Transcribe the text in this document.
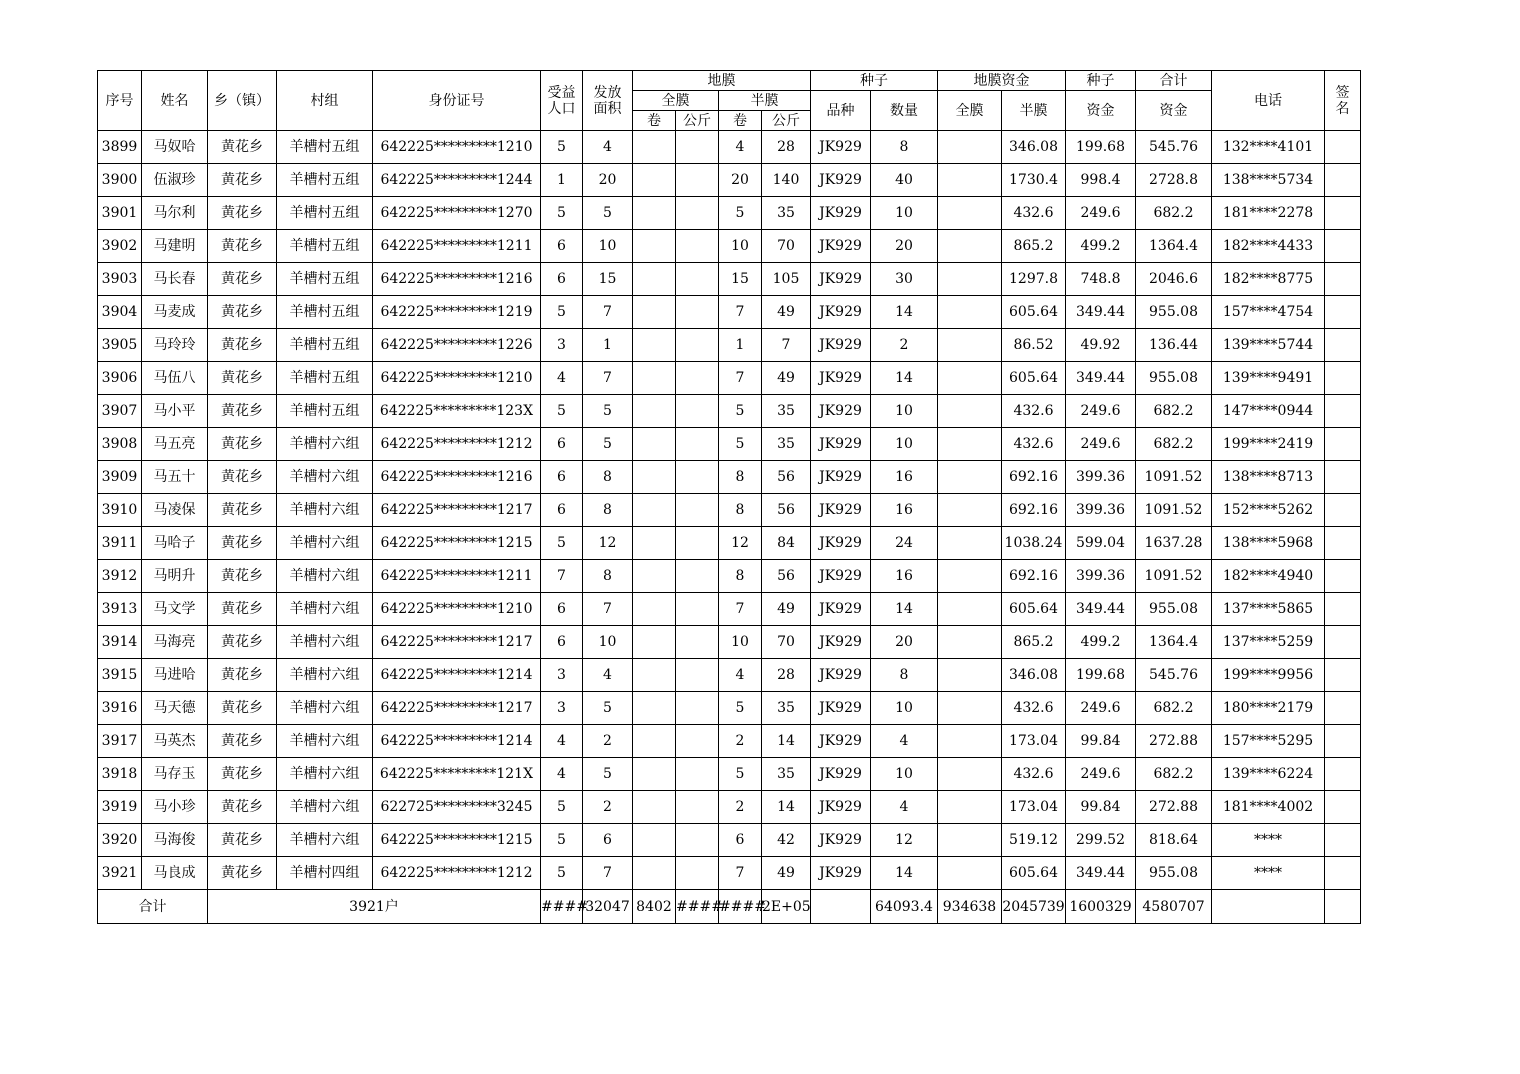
序号	姓名	乡（镇）	村组	身份证号	受益
人口	发放
面积	地膜				种子		地膜资金		种子	合计	电话	签
名
							全膜		半膜		品种	数量	全膜	半膜	资金	资金		
							卷	公斤	卷	公斤								
3899	马奴哈	黄花乡	羊槽村五组	642225*********1210	5	4			4	28	JK929	8		346.08	199.68	545.76	132****4101	
3900	伍淑珍	黄花乡	羊槽村五组	642225*********1244	1	20			20	140	JK929	40		1730.4	998.4	2728.8	138****5734	
3901	马尔利	黄花乡	羊槽村五组	642225*********1270	5	5			5	35	JK929	10		432.6	249.6	682.2	181****2278	
3902	马建明	黄花乡	羊槽村五组	642225*********1211	6	10			10	70	JK929	20		865.2	499.2	1364.4	182****4433	
3903	马长春	黄花乡	羊槽村五组	642225*********1216	6	15			15	105	JK929	30		1297.8	748.8	2046.6	182****8775	
3904	马麦成	黄花乡	羊槽村五组	642225*********1219	5	7			7	49	JK929	14		605.64	349.44	955.08	157****4754	
3905	马玲玲	黄花乡	羊槽村五组	642225*********1226	3	1			1	7	JK929	2		86.52	49.92	136.44	139****5744	
3906	马伍八	黄花乡	羊槽村五组	642225*********1210	4	7			7	49	JK929	14		605.64	349.44	955.08	139****9491	
3907	马小平	黄花乡	羊槽村五组	642225*********123X	5	5			5	35	JK929	10		432.6	249.6	682.2	147****0944	
3908	马五亮	黄花乡	羊槽村六组	642225*********1212	6	5			5	35	JK929	10		432.6	249.6	682.2	199****2419	
3909	马五十	黄花乡	羊槽村六组	642225*********1216	6	8			8	56	JK929	16		692.16	399.36	1091.52	138****8713	
3910	马凌保	黄花乡	羊槽村六组	642225*********1217	6	8			8	56	JK929	16		692.16	399.36	1091.52	152****5262	
3911	马哈子	黄花乡	羊槽村六组	642225*********1215	5	12			12	84	JK929	24		1038.24	599.04	1637.28	138****5968	
3912	马明升	黄花乡	羊槽村六组	642225*********1211	7	8			8	56	JK929	16		692.16	399.36	1091.52	182****4940	
3913	马文学	黄花乡	羊槽村六组	642225*********1210	6	7			7	49	JK929	14		605.64	349.44	955.08	137****5865	
3914	马海亮	黄花乡	羊槽村六组	642225*********1217	6	10			10	70	JK929	20		865.2	499.2	1364.4	137****5259	
3915	马进哈	黄花乡	羊槽村六组	642225*********1214	3	4			4	28	JK929	8		346.08	199.68	545.76	199****9956	
3916	马天德	黄花乡	羊槽村六组	642225*********1217	3	5			5	35	JK929	10		432.6	249.6	682.2	180****2179	
3917	马英杰	黄花乡	羊槽村六组	642225*********1214	4	2			2	14	JK929	4		173.04	99.84	272.88	157****5295	
3918	马存玉	黄花乡	羊槽村六组	642225*********121X	4	5			5	35	JK929	10		432.6	249.6	682.2	139****6224	
3919	马小珍	黄花乡	羊槽村六组	622725*********3245	5	2			2	14	JK929	4		173.04	99.84	272.88	181****4002	
3920	马海俊	黄花乡	羊槽村六组	642225*********1215	5	6			6	42	JK929	12		519.12	299.52	818.64	****	
3921	马良成	黄花乡	羊槽村四组	642225*********1212	5	7			7	49	JK929	14		605.64	349.44	955.08	****	
合计		3921户			####	32047	8402	####	####	2E+05		64093.4	934638	2045739	1600329	4580707		
